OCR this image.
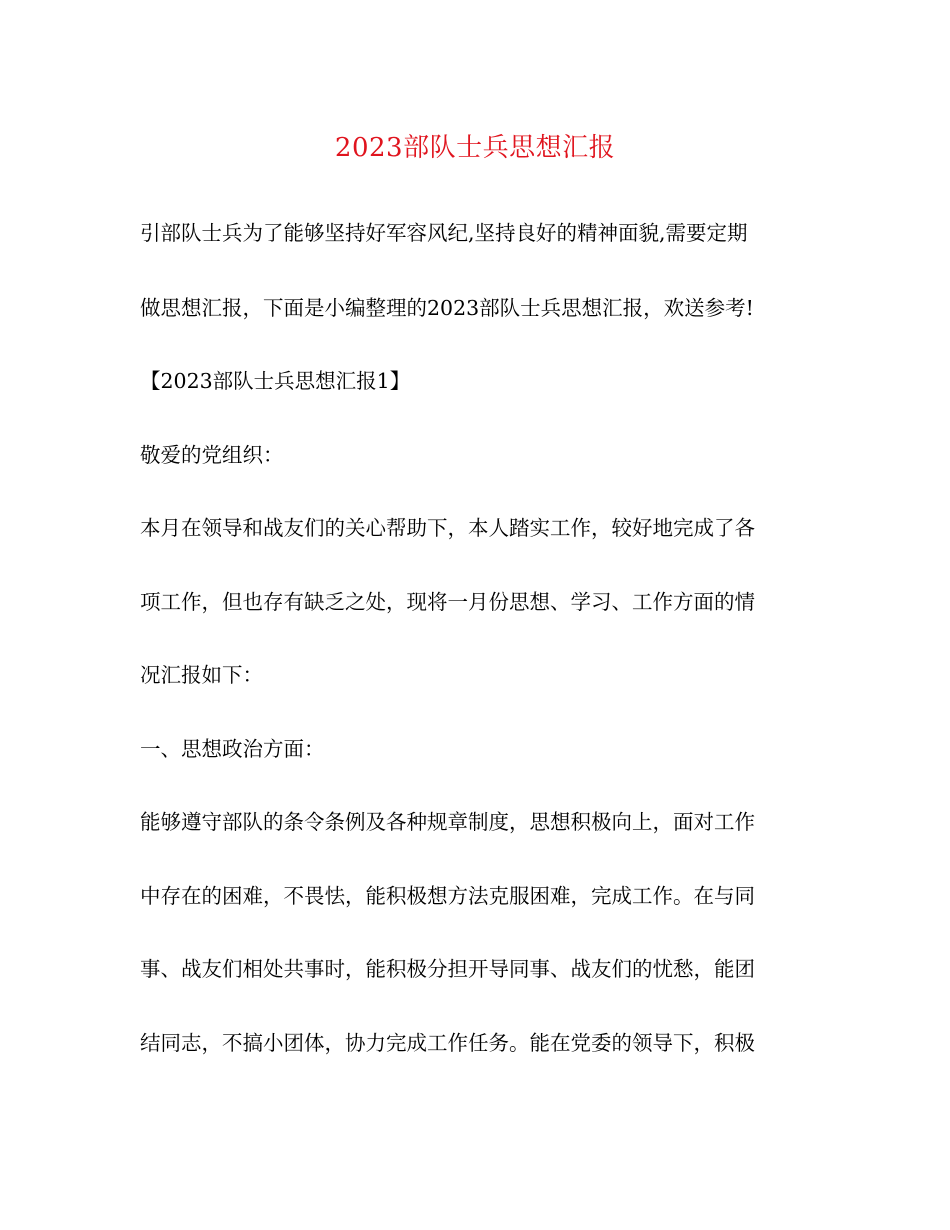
2023部队士兵思想汇报
引部队士兵为了能够坚持好军容风纪,坚持良好的精神面貌,需要定期
做思想汇报，下面是小编整理的2023部队士兵思想汇报，欢送参考!
【2023部队士兵思想汇报1】
敬爱的党组织：
本月在领导和战友们的关心帮助下，本人踏实工作，较好地完成了各
项工作，但也存有缺乏之处，现将一月份思想、学习、工作方面的情
况汇报如下：
一、思想政治方面：
能够遵守部队的条令条例及各种规章制度，思想积极向上，面对工作
中存在的困难，不畏怯，能积极想方法克服困难，完成工作。在与同
事、战友们相处共事时，能积极分担开导同事、战友们的忧愁，能团
结同志，不搞小团体，协力完成工作任务。能在党委的领导下，积极
